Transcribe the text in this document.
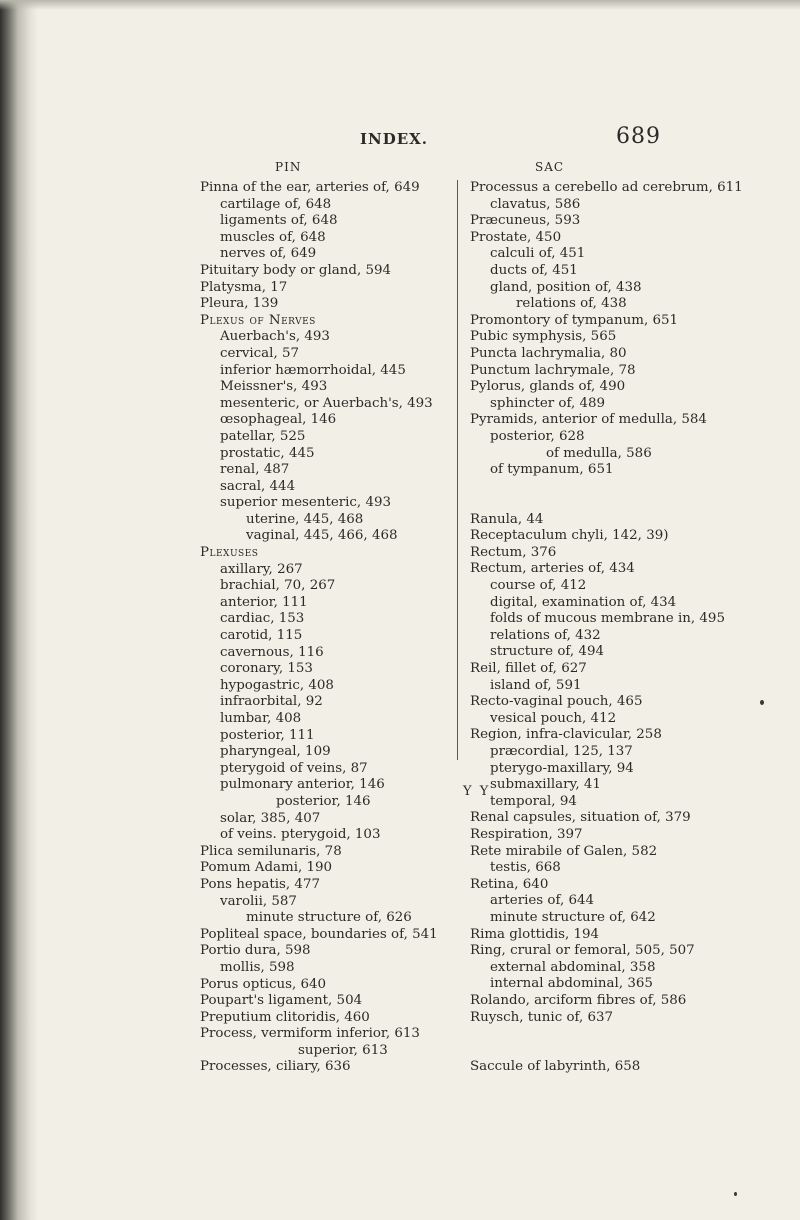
INDEX.	689
PIN	SAC
Pinna of the ear, arteries of, 649
cartilage of, 648
ligaments of, 648
muscles of, 648
nerves of, 649
Pituitary body or gland, 594
Platysma, 17
Pleura, 139
Plexus of Nerves
Auerbach's, 493
cervical, 57
inferior hæmorrhoidal, 445
Meissner's, 493
mesenteric, or Auerbach's, 493
œsophageal, 146
patellar, 525
prostatic, 445
renal, 487
sacral, 444
superior mesenteric, 493
uterine, 445, 468
vaginal, 445, 466, 468
Plexuses
axillary, 267
brachial, 70, 267
anterior, 111
cardiac, 153
carotid, 115
cavernous, 116
coronary, 153
hypogastric, 408
infraorbital, 92
lumbar, 408
posterior, 111
pharyngeal, 109
pterygoid of veins, 87
pulmonary anterior, 146
posterior, 146
solar, 385, 407
of veins. pterygoid, 103
Plica semilunaris, 78
Pomum Adami, 190
Pons hepatis, 477
varolii, 587
minute structure of, 626
Popliteal space, boundaries of, 541
Portio dura, 598
mollis, 598
Porus opticus, 640
Poupart's ligament, 504
Preputium clitoridis, 460
Process, vermiform inferior, 613
superior, 613
Processes, ciliary, 636
Processus a cerebello ad cerebrum, 611
clavatus, 586
Præcuneus, 593
Prostate, 450
calculi of, 451
ducts of, 451
gland, position of, 438
relations of, 438
Promontory of tympanum, 651
Pubic symphysis, 565
Puncta lachrymalia, 80
Punctum lachrymale, 78
Pylorus, glands of, 490
sphincter of, 489
Pyramids, anterior of medulla, 584
posterior, 628
of medulla, 586
of tympanum, 651
Ranula, 44
Receptaculum chyli, 142, 39)
Rectum, 376
Rectum, arteries of, 434
course of, 412
digital, examination of, 434
folds of mucous membrane in, 495
relations of, 432
structure of, 494
Reil, fillet of, 627
island of, 591
Recto-vaginal pouch, 465
vesical pouch, 412
Region, infra-clavicular, 258
præcordial, 125, 137
pterygo-maxillary, 94
submaxillary, 41
temporal, 94
Renal capsules, situation of, 379
Respiration, 397
Rete mirabile of Galen, 582
testis, 668
Retina, 640
arteries of, 644
minute structure of, 642
Rima glottidis, 194
Ring, crural or femoral, 505, 507
external abdominal, 358
internal abdominal, 365
Rolando, arciform fibres of, 586
Ruysch, tunic of, 637
Saccule of labyrinth, 658
Y Y
